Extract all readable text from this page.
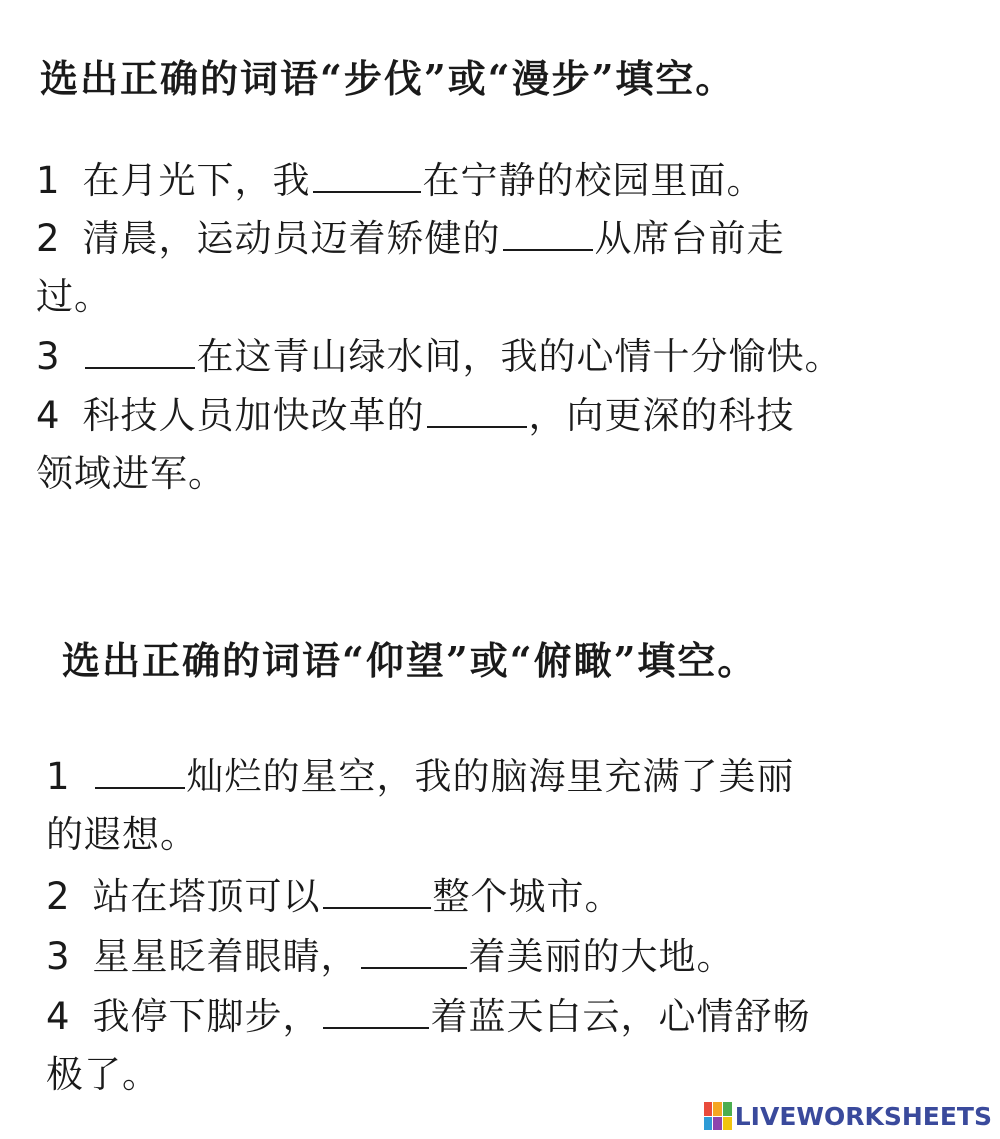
选出正确的词语“步伐”或“漫步”填空。
1 在月光下，我	在宁静的校园里面。
2 清晨，运动员迈着矫健的	从席台前走
过。
3	在这青山绿水间，我的心情十分愉快。
4 科技人员加快改革的	，向更深的科技
领域进军。
选出正确的词语“仰望”或“俯瞰”填空。
1	灿烂的星空，我的脑海里充满了美丽
的遐想。
2 站在塔顶可以	整个城市。
3 星星眨着眼睛，	着美丽的大地。
4 我停下脚步，	着蓝天白云，心情舒畅
极了。
LIVEWORKSHEETS
